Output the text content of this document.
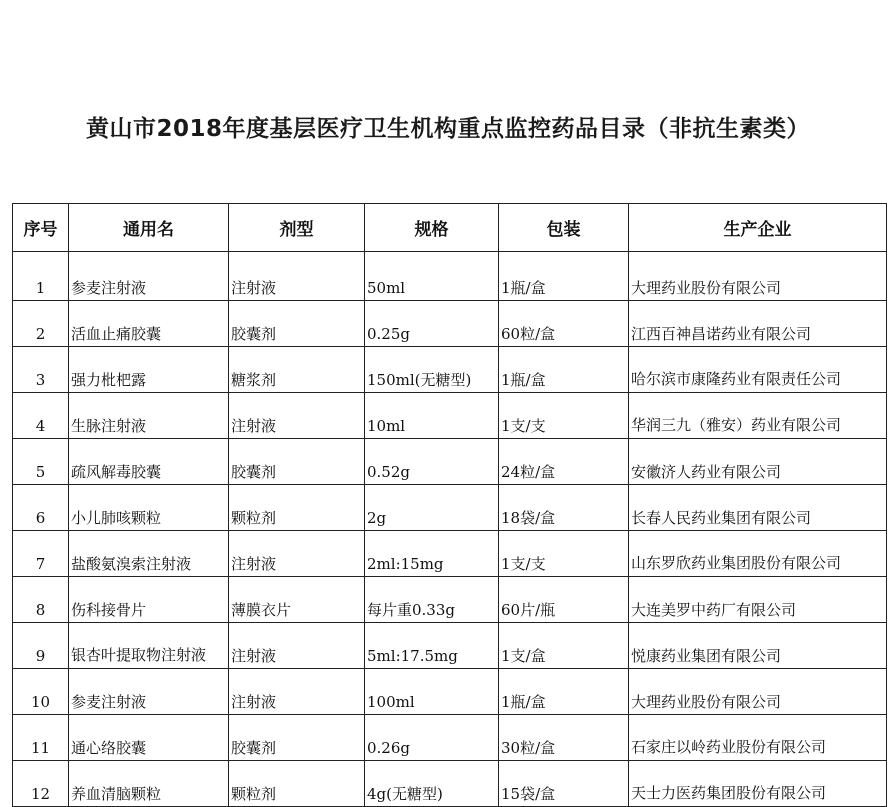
黄山市2018年度基层医疗卫生机构重点监控药品目录（非抗生素类）
序号	通用名	剂型	规格	包装	生产企业
1	参麦注射液	注射液	50ml	1瓶/盒	大理药业股份有限公司
2	活血止痛胶囊	胶囊剂	0.25g	60粒/盒	江西百神昌诺药业有限公司
3	强力枇杷露	糖浆剂	150ml(无糖型)	1瓶/盒	哈尔滨市康隆药业有限责任公司
4	生脉注射液	注射液	10ml	1支/支	华润三九（雅安）药业有限公司
5	疏风解毒胶囊	胶囊剂	0.52g	24粒/盒	安徽济人药业有限公司
6	小儿肺咳颗粒	颗粒剂	2g	18袋/盒	长春人民药业集团有限公司
7	盐酸氨溴索注射液	注射液	2ml:15mg	1支/支	山东罗欣药业集团股份有限公司
8	伤科接骨片	薄膜衣片	每片重0.33g	60片/瓶	大连美罗中药厂有限公司
9	银杏叶提取物注射液	注射液	5ml:17.5mg	1支/盒	悦康药业集团有限公司
10	参麦注射液	注射液	100ml	1瓶/盒	大理药业股份有限公司
11	通心络胶囊	胶囊剂	0.26g	30粒/盒	石家庄以岭药业股份有限公司
12	养血清脑颗粒	颗粒剂	4g(无糖型)	15袋/盒	天士力医药集团股份有限公司
